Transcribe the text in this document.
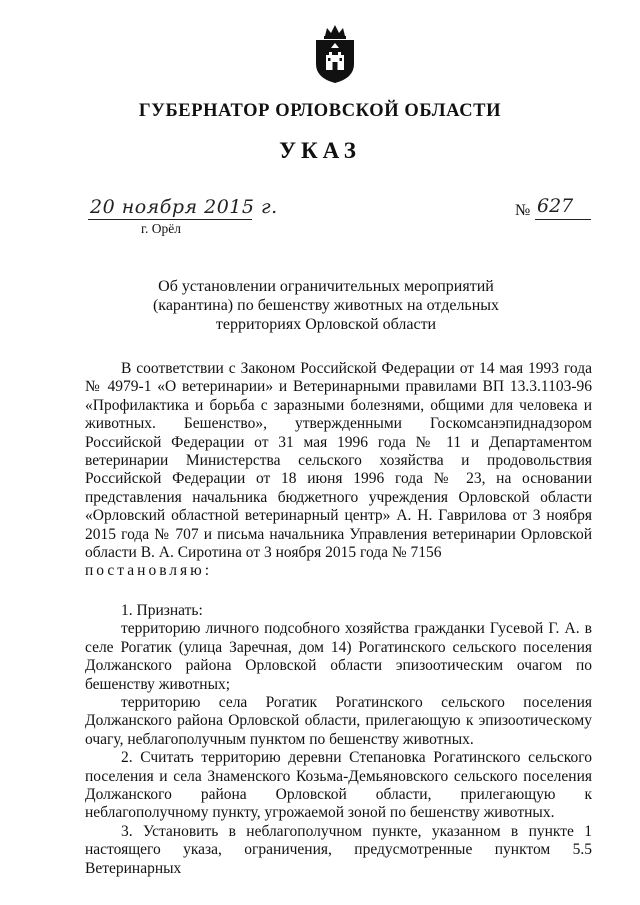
ГУБЕРНАТОР ОРЛОВСКОЙ ОБЛАСТИ
УКАЗ
20 ноября 2015 г.
г. Орёл
№ 627
Об установлении ограничительных мероприятий
(карантина) по бешенству животных на отдельных
территориях Орловской области

В соответствии с Законом Российской Федерации от 14 мая 1993 года № 4979-1 «О ветеринарии» и Ветеринарными правилами ВП 13.3.1103-96 «Профилактика и борьба с заразными болезнями, общими для человека и животных. Бешенство», утвержденными Госкомсанэпиднадзором Российской Федерации от 31 мая 1996 года № 11 и Департаментом ветеринарии Министерства сельского хозяйства и продовольствия Российской Федерации от 18 июня 1996 года № 23, на основании представления начальника бюджетного учреждения Орловской области «Орловский областной ветеринарный центр» А. Н. Гаврилова от 3 ноября 2015 года № 707 и письма начальника Управления ветеринарии Орловской области В. А. Сиротина от 3 ноября 2015 года № 7156

постановляю:

1. Признать:

территорию личного подсобного хозяйства гражданки Гусевой Г. А. в селе Рогатик (улица Заречная, дом 14) Рогатинского сельского поселения Должанского района Орловской области эпизоотическим очагом по бешенству животных;

территорию села Рогатик Рогатинского сельского поселения Должанского района Орловской области, прилегающую к эпизоотическому очагу, неблагополучным пунктом по бешенству животных.

2. Считать территорию деревни Степановка Рогатинского сельского поселения и села Знаменского Козьма-Демьяновского сельского поселения Должанского района Орловской области, прилегающую к неблагополучному пункту, угрожаемой зоной по бешенству животных.

3. Установить в неблагополучном пункте, указанном в пункте 1 настоящего указа, ограничения, предусмотренные пунктом 5.5 Ветеринарных
